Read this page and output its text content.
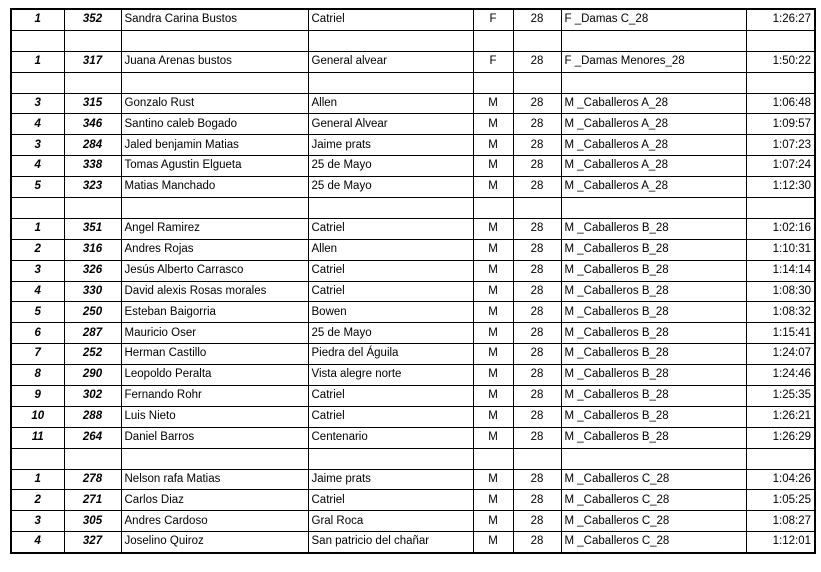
1	352	Sandra Carina Bustos	Catriel	F	28	F _Damas C_28	1:26:27

1	317	Juana Arenas bustos	General alvear	F	28	F _Damas Menores_28	1:50:22

3	315	Gonzalo Rust	Allen	M	28	M _Caballeros A_28	1:06:48
4	346	Santino caleb Bogado	General Alvear	M	28	M _Caballeros A_28	1:09:57
3	284	Jaled benjamin Matias	Jaime prats	M	28	M _Caballeros A_28	1:07:23
4	338	Tomas Agustin Elgueta	25 de Mayo	M	28	M _Caballeros A_28	1:07:24
5	323	Matias Manchado	25 de Mayo	M	28	M _Caballeros A_28	1:12:30

1	351	Angel Ramirez	Catriel	M	28	M _Caballeros B_28	1:02:16
2	316	Andres Rojas	Allen	M	28	M _Caballeros B_28	1:10:31
3	326	Jesús Alberto Carrasco	Catriel	M	28	M _Caballeros B_28	1:14:14
4	330	David alexis Rosas morales	Catriel	M	28	M _Caballeros B_28	1:08:30
5	250	Esteban Baigorria	Bowen	M	28	M _Caballeros B_28	1:08:32
6	287	Mauricio Oser	25 de Mayo	M	28	M _Caballeros B_28	1:15:41
7	252	Herman Castillo	Piedra del Águila	M	28	M _Caballeros B_28	1:24:07
8	290	Leopoldo Peralta	Vista alegre norte	M	28	M _Caballeros B_28	1:24:46
9	302	Fernando Rohr	Catriel	M	28	M _Caballeros B_28	1:25:35
10	288	Luis Nieto	Catriel	M	28	M _Caballeros B_28	1:26:21
11	264	Daniel Barros	Centenario	M	28	M _Caballeros B_28	1:26:29

1	278	Nelson rafa Matias	Jaime prats	M	28	M _Caballeros C_28	1:04:26
2	271	Carlos Diaz	Catriel	M	28	M _Caballeros C_28	1:05:25
3	305	Andres Cardoso	Gral Roca	M	28	M _Caballeros C_28	1:08:27
4	327	Joselino Quiroz	San patricio del chañar	M	28	M _Caballeros C_28	1:12:01
